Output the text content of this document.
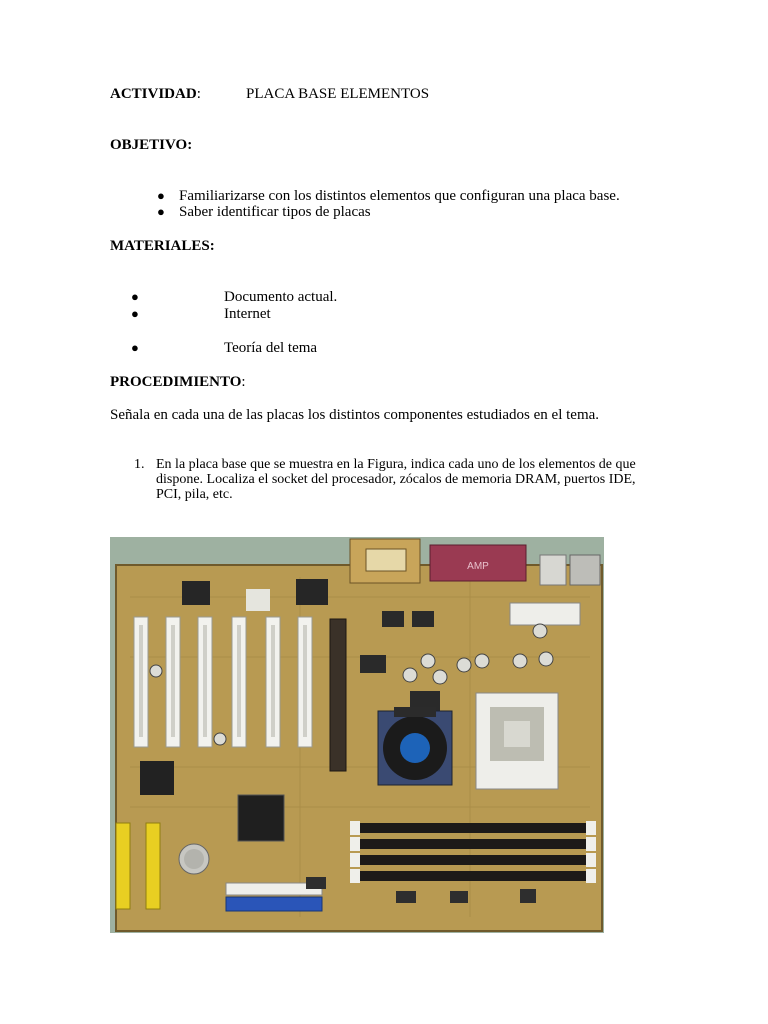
ACTIVIDAD:	PLACA BASE ELEMENTOS
OBJETIVO:
● Familiarizarse con los distintos elementos que configuran una placa base.
● Saber identificar tipos de placas
MATERIALES:
●	Documento actual.
●	Internet
●	Teoría del tema
PROCEDIMIENTO:
Señala en cada una de las placas los distintos componentes estudiados en el tema.
1. En la placa base que se muestra en la Figura, indica cada uno de los elementos de que
dispone. Localiza el socket del procesador, zócalos de memoria DRAM, puertos IDE,
PCI, pila, etc.
AMP
